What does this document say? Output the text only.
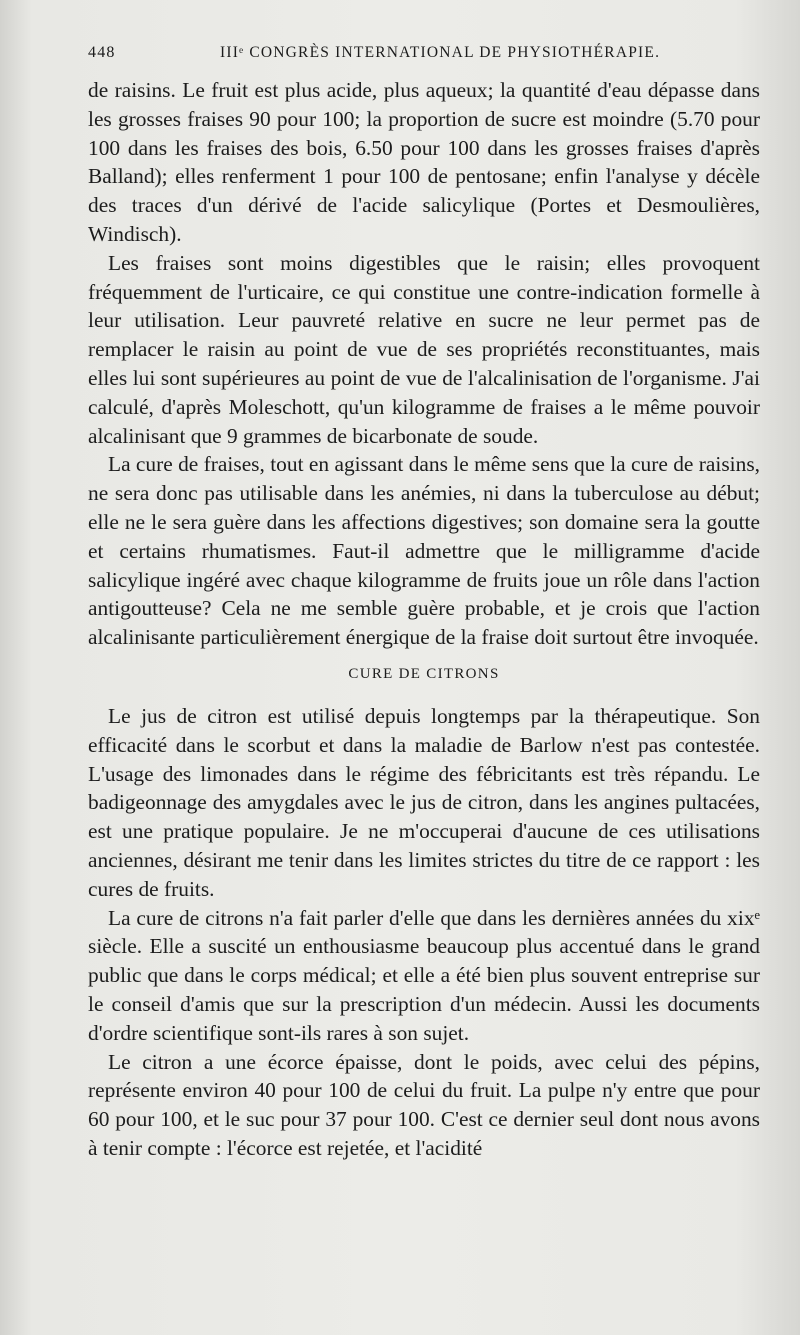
448	IIIᵉ CONGRÈS INTERNATIONAL DE PHYSIOTHÉRAPIE.

de raisins. Le fruit est plus acide, plus aqueux; la quantité d'eau dépasse dans les grosses fraises 90 pour 100; la proportion de sucre est moindre (5.70 pour 100 dans les fraises des bois, 6.50 pour 100 dans les grosses fraises d'après Balland); elles renferment 1 pour 100 de pentosane; enfin l'analyse y décèle des traces d'un dérivé de l'acide salicylique (Portes et Desmoulières, Windisch).

Les fraises sont moins digestibles que le raisin; elles provoquent fréquemment de l'urticaire, ce qui constitue une contre-indication formelle à leur utilisation. Leur pauvreté relative en sucre ne leur permet pas de remplacer le raisin au point de vue de ses propriétés reconstituantes, mais elles lui sont supérieures au point de vue de l'alcalinisation de l'organisme. J'ai calculé, d'après Moleschott, qu'un kilogramme de fraises a le même pouvoir alcalinisant que 9 grammes de bicarbonate de soude.

La cure de fraises, tout en agissant dans le même sens que la cure de raisins, ne sera donc pas utilisable dans les anémies, ni dans la tuberculose au début; elle ne le sera guère dans les affections digestives; son domaine sera la goutte et certains rhumatismes. Faut-il admettre que le milligramme d'acide salicylique ingéré avec chaque kilogramme de fruits joue un rôle dans l'action antigoutteuse? Cela ne me semble guère probable, et je crois que l'action alcalinisante particulièrement énergique de la fraise doit surtout être invoquée.

CURE DE CITRONS

Le jus de citron est utilisé depuis longtemps par la thérapeutique. Son efficacité dans le scorbut et dans la maladie de Barlow n'est pas contestée. L'usage des limonades dans le régime des fébricitants est très répandu. Le badigeonnage des amygdales avec le jus de citron, dans les angines pultacées, est une pratique populaire. Je ne m'occuperai d'aucune de ces utilisations anciennes, désirant me tenir dans les limites strictes du titre de ce rapport : les cures de fruits.

La cure de citrons n'a fait parler d'elle que dans les dernières années du xixᵉ siècle. Elle a suscité un enthousiasme beaucoup plus accentué dans le grand public que dans le corps médical; et elle a été bien plus souvent entreprise sur le conseil d'amis que sur la prescription d'un médecin. Aussi les documents d'ordre scientifique sont-ils rares à son sujet.

Le citron a une écorce épaisse, dont le poids, avec celui des pépins, représente environ 40 pour 100 de celui du fruit. La pulpe n'y entre que pour 60 pour 100, et le suc pour 37 pour 100. C'est ce dernier seul dont nous avons à tenir compte : l'écorce est rejetée, et l'acidité
